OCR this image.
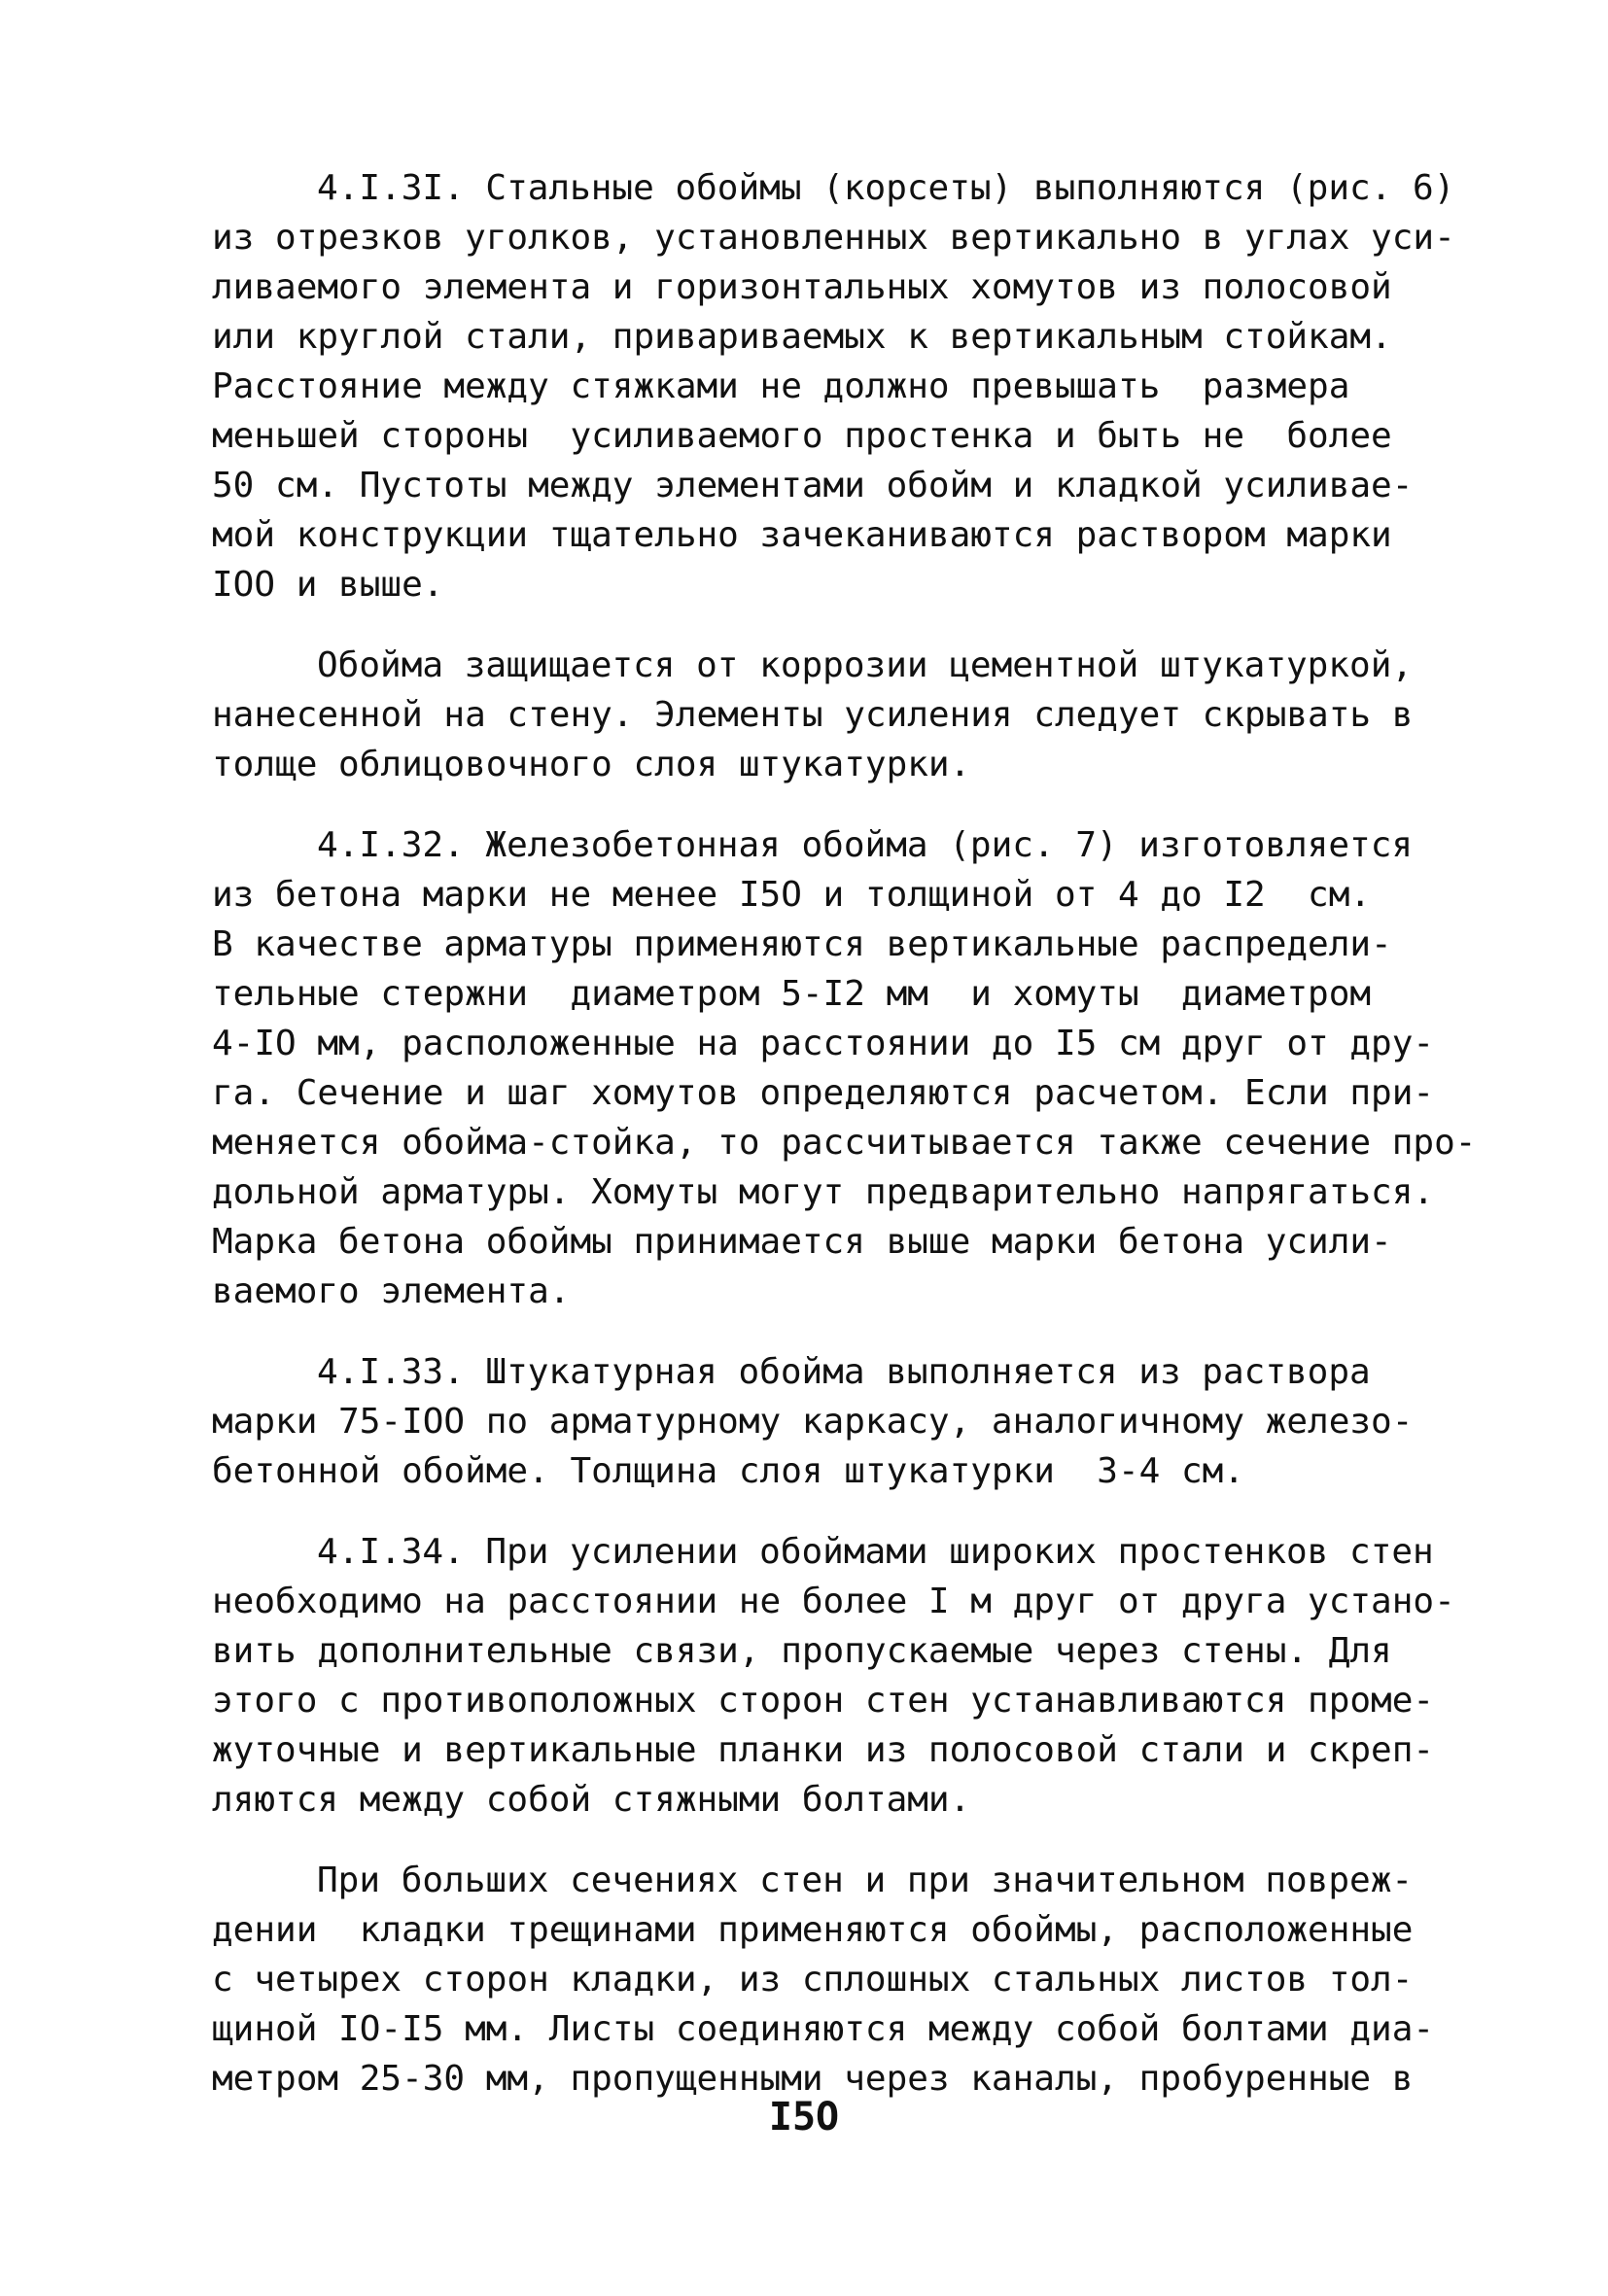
4.I.3I. Стальные обоймы (корсеты) выполняются (рис. 6)
из отрезков уголков, установленных вертикально в углах уси-
ливаемого элемента и горизонтальных хомутов из полосовой
или круглой стали, привариваемых к вертикальным стойкам.
Расстояние между стяжками не должно превышать  размера
меньшей стороны  усиливаемого простенка и быть не  более
50 см. Пустоты между элементами обойм и кладкой усиливае-
мой конструкции тщательно зачеканиваются раствором марки
IOO и выше.
Обойма защищается от коррозии цементной штукатуркой,
нанесенной на стену. Элементы усиления следует скрывать в
толще облицовочного слоя штукатурки.
4.I.32. Железобетонная обойма (рис. 7) изготовляется
из бетона марки не менее I5O и толщиной от 4 до I2  см.
В качестве арматуры применяются вертикальные распредели-
тельные стержни  диаметром 5-I2 мм  и хомуты  диаметром
4-IO мм, расположенные на расстоянии до I5 см друг от дру-
га. Сечение и шаг хомутов определяются расчетом. Если при-
меняется обойма-стойка, то рассчитывается также сечение про-
дольной арматуры. Хомуты могут предварительно напрягаться.
Марка бетона обоймы принимается выше марки бетона усили-
ваемого элемента.
4.I.33. Штукатурная обойма выполняется из раствора
марки 75-IOO по арматурному каркасу, аналогичному железо-
бетонной обойме. Толщина слоя штукатурки  3-4 см.
4.I.34. При усилении обоймами широких простенков стен
необходимо на расстоянии не более I м друг от друга устано-
вить дополнительные связи, пропускаемые через стены. Для
этого с противоположных сторон стен устанавливаются проме-
жуточные и вертикальные планки из полосовой стали и скреп-
ляются между собой стяжными болтами.
При больших сечениях стен и при значительном повреж-
дении  кладки трещинами применяются обоймы, расположенные
с четырех сторон кладки, из сплошных стальных листов тол-
щиной IO-I5 мм. Листы соединяются между собой болтами диа-
метром 25-30 мм, пропущенными через каналы, пробуренные в
I5O
